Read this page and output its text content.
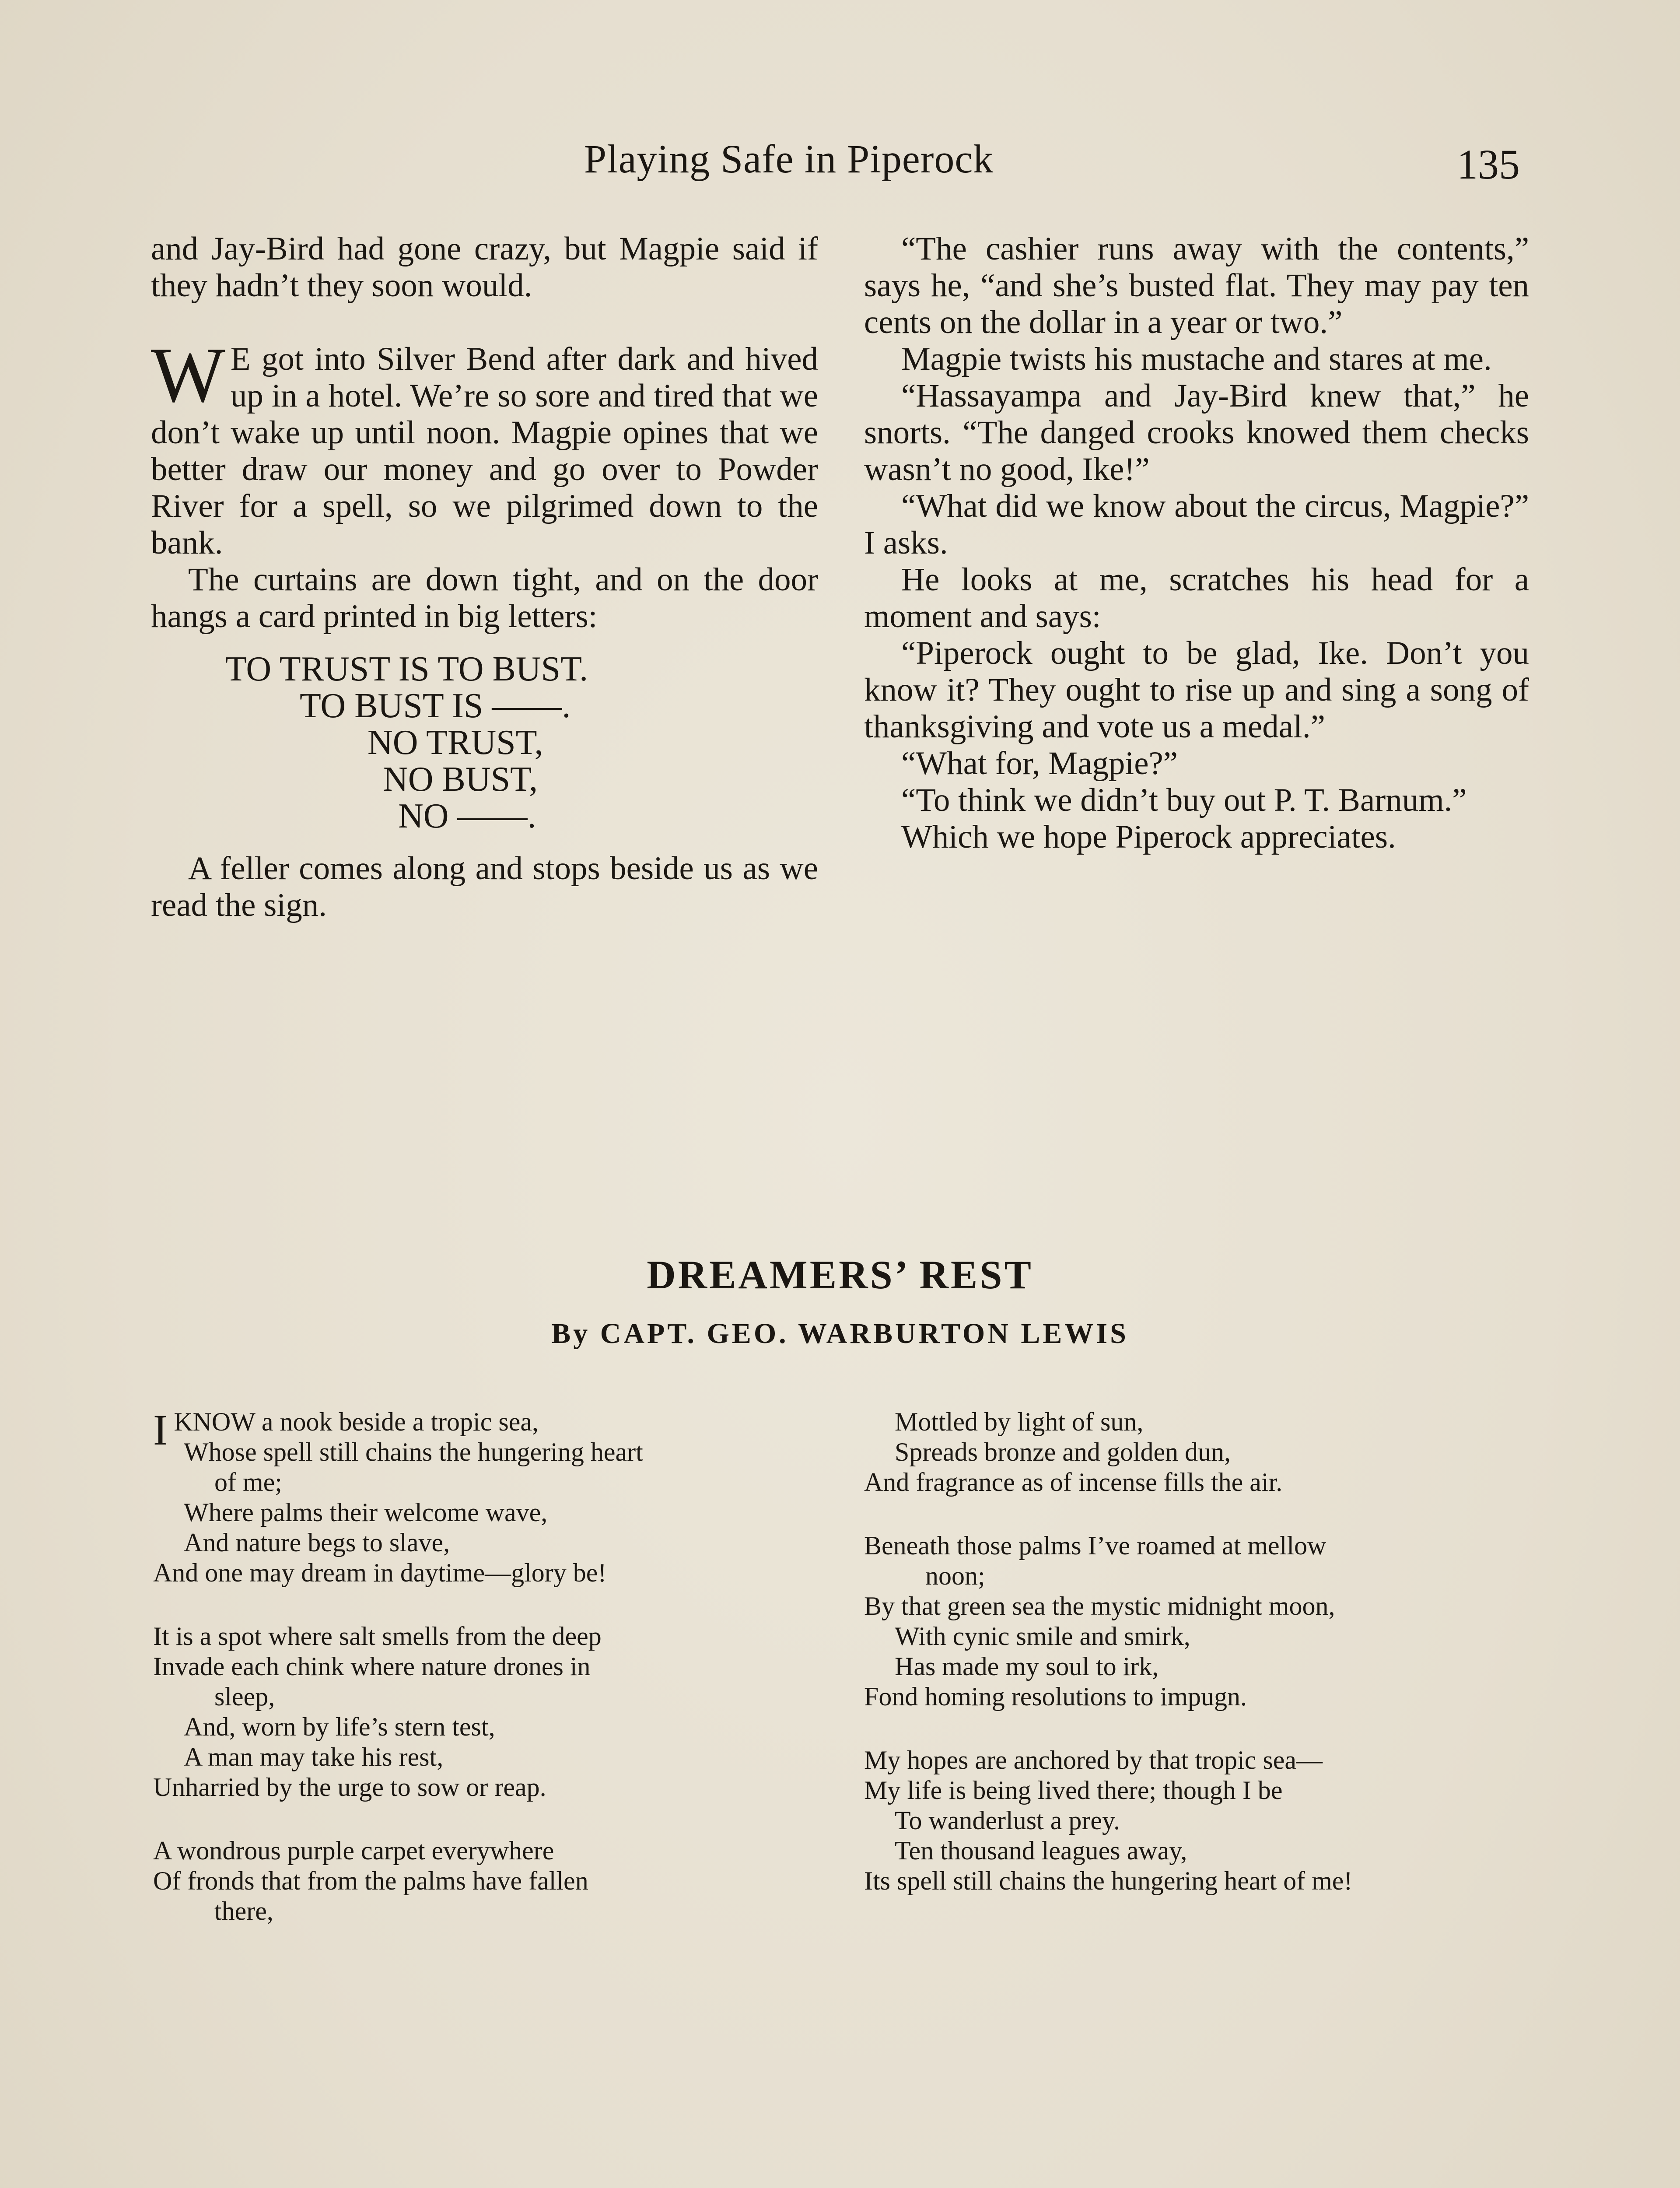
Playing Safe in Piperock	135

and Jay-Bird had gone crazy, but Magpie said if they hadn’t they soon would.

W E got into Silver Bend after dark and hived up in a hotel. We’re so sore and tired that we don’t wake up until noon. Magpie opines that we better draw our money and go over to Powder River for a spell, so we pilgrimed down to the bank.

The curtains are down tight, and on the door hangs a card printed in big letters:

TO TRUST IS TO BUST.
TO BUST IS ——.
NO TRUST,
NO BUST,
NO ——.

A feller comes along and stops beside us as we read the sign.

“The cashier runs away with the contents,” says he, “and she’s busted flat. They may pay ten cents on the dollar in a year or two.”

Magpie twists his mustache and stares at me.

“Hassayampa and Jay-Bird knew that,” he snorts. “The danged crooks knowed them checks wasn’t no good, Ike!”

“What did we know about the circus, Magpie?” I asks.

He looks at me, scratches his head for a moment and says:

“Piperock ought to be glad, Ike. Don’t you know it? They ought to rise up and sing a song of thanksgiving and vote us a medal.”

“What for, Magpie?”

“To think we didn’t buy out P. T. Barnum.”

Which we hope Piperock appreciates.

DREAMERS’ REST
By CAPT. GEO. WARBURTON LEWIS
I KNOW a nook beside a tropic sea,
Whose spell still chains the hungering heart
of me;
Where palms their welcome wave,
And nature begs to slave,
And one may dream in daytime—glory be!
It is a spot where salt smells from the deep
Invade each chink where nature drones in
sleep,
And, worn by life’s stern test,
A man may take his rest,
Unharried by the urge to sow or reap.
A wondrous purple carpet everywhere
Of fronds that from the palms have fallen
there,
Mottled by light of sun,
Spreads bronze and golden dun,
And fragrance as of incense fills the air.
Beneath those palms I’ve roamed at mellow
noon;
By that green sea the mystic midnight moon,
With cynic smile and smirk,
Has made my soul to irk,
Fond homing resolutions to impugn.
My hopes are anchored by that tropic sea—
My life is being lived there; though I be
To wanderlust a prey.
Ten thousand leagues away,
Its spell still chains the hungering heart of me!
